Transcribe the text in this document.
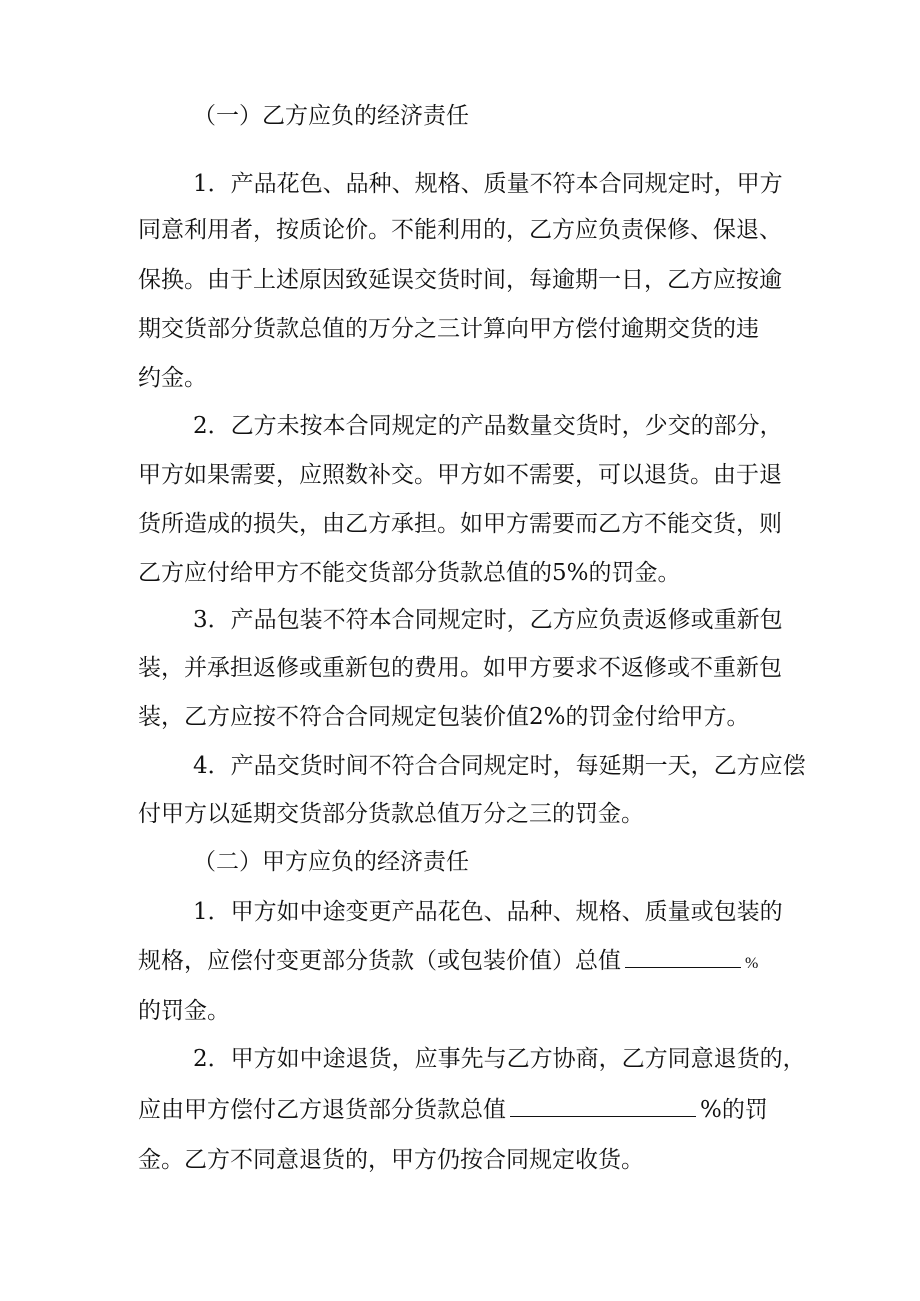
（一）乙方应负的经济责任
1．产品花色、品种、规格、质量不符本合同规定时，甲方
同意利用者，按质论价。不能利用的，乙方应负责保修、保退、
保换。由于上述原因致延误交货时间，每逾期一日，乙方应按逾
期交货部分货款总值的万分之三计算向甲方偿付逾期交货的违
约金。
2．乙方未按本合同规定的产品数量交货时，少交的部分，
甲方如果需要，应照数补交。甲方如不需要，可以退货。由于退
货所造成的损失，由乙方承担。如甲方需要而乙方不能交货，则
乙方应付给甲方不能交货部分货款总值的5%的罚金。
3．产品包装不符本合同规定时，乙方应负责返修或重新包
装，并承担返修或重新包的费用。如甲方要求不返修或不重新包
装，乙方应按不符合合同规定包装价值2%的罚金付给甲方。
4．产品交货时间不符合合同规定时，每延期一天，乙方应偿
付甲方以延期交货部分货款总值万分之三的罚金。
（二）甲方应负的经济责任
1．甲方如中途变更产品花色、品种、规格、质量或包装的
规格，应偿付变更部分货款（或包装价值）总值	%
的罚金。
2．甲方如中途退货，应事先与乙方协商，乙方同意退货的，
应由甲方偿付乙方退货部分货款总值	%的罚
金。乙方不同意退货的，甲方仍按合同规定收货。
